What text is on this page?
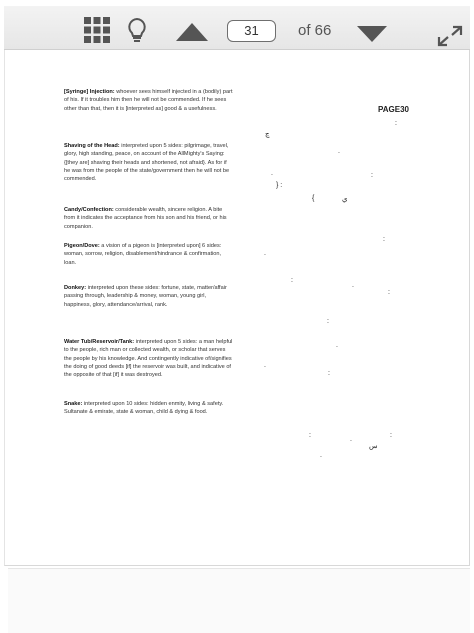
31	of 66
PAGE30
[Syringe] Injection: whoever sees himself injected in a (bodily) part of his. If it troubles him then he will not be commended. If he sees other than that, then it is [interpreted as] good & a usefulness.
Shaving of the Head: interpreted upon 5 sides: pilgrimage, travel, glory, high standing, peace, on account of the AllMighty's Saying: {[they are] shaving their heads and shortened, not afraid}. As for if he was from the people of the state/government then he will not be commended.
Candy/Confection: considerable wealth, sincere religion. A bite from it indicates the acceptance from his son and his friend, or his companion.
Pigeon/Dove: a vision of a pigeon is [interpreted upon] 6 sides: woman, sorrow, religion, disablement/hindrance & confirmation, loan.
Donkey: interpreted upon these sides: fortune, state, matter/affair passing through, leadership & money, woman, young girl, happiness, glory, attendance/arrival, rank.
Water Tub/Reservoir/Tank: interpreted upon 5 sides: a man helpful to the people, rich man or collected wealth, or scholar that serves the people by his knowledge. And contingently indicative of/signifies the doing of good deeds [if] the reservoir was built, and indicative of the opposite of that [if] it was destroyed.
Snake: interpreted upon 10 sides: hidden enmity, living & safety. Sultanate & emirate, state & woman, child & dying & food.
:
چ
.
:
} :
.
{	ي
:
.
:
.
:
:
.
.
:
:
.
:
س
.
